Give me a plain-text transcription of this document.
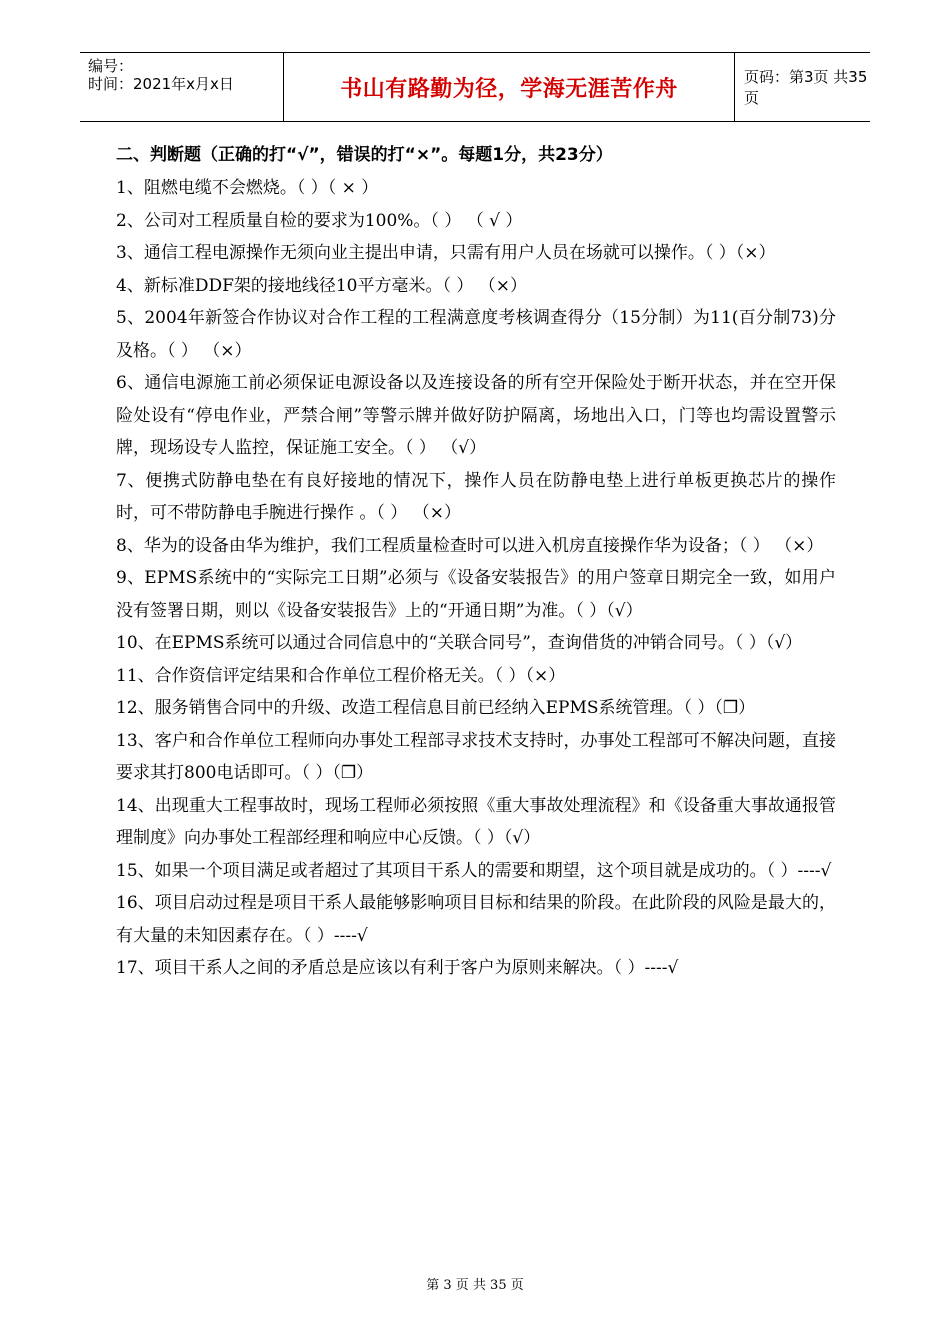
编号：
时间：2021年x月x日	书山有路勤为径，学海无涯苦作舟	页码：第3页 共35页
二、判断题（正确的打“√”，错误的打“×”。每题1分，共23分）

1、阻燃电缆不会燃烧。（ ）（ × ）

2、公司对工程质量自检的要求为100%。（ ） （ √ ）

3、通信工程电源操作无须向业主提出申请，只需有用户人员在场就可以操作。（ ）（×）

4、新标准DDF架的接地线径10平方毫米。（ ） （×）

5、2004年新签合作协议对合作工程的工程满意度考核调查得分（15分制）为11(百分制73)分及格。（ ） （×）

6、通信电源施工前必须保证电源设备以及连接设备的所有空开保险处于断开状态，并在空开保险处设有“停电作业，严禁合闸”等警示牌并做好防护隔离，场地出入口，门等也均需设置警示牌，现场设专人监控，保证施工安全。（ ） （√）

7、便携式防静电垫在有良好接地的情况下，操作人员在防静电垫上进行单板更换芯片的操作时，可不带防静电手腕进行操作 。（ ） （×）

8、华为的设备由华为维护，我们工程质量检查时可以进入机房直接操作华为设备；（ ） （×）

9、EPMS系统中的“实际完工日期”必须与《设备安装报告》的用户签章日期完全一致，如用户没有签署日期，则以《设备安装报告》上的“开通日期”为准。（ ）（√）

10、在EPMS系统可以通过合同信息中的“关联合同号”，查询借货的冲销合同号。（ ）（√）

11、合作资信评定结果和合作单位工程价格无关。（ ）（×）

12、服务销售合同中的升级、改造工程信息目前已经纳入EPMS系统管理。（ ）（❐）

13、客户和合作单位工程师向办事处工程部寻求技术支持时，办事处工程部可不解决问题，直接要求其打800电话即可。（ ）（❐）

14、出现重大工程事故时，现场工程师必须按照《重大事故处理流程》和《设备重大事故通报管理制度》向办事处工程部经理和响应中心反馈。（ ）（√）

15、如果一个项目满足或者超过了其项目干系人的需要和期望，这个项目就是成功的。（ ）----√

16、项目启动过程是项目干系人最能够影响项目目标和结果的阶段。在此阶段的风险是最大的，有大量的未知因素存在。（ ）----√

17、项目干系人之间的矛盾总是应该以有利于客户为原则来解决。（ ）----√

第 3 页 共 35 页
